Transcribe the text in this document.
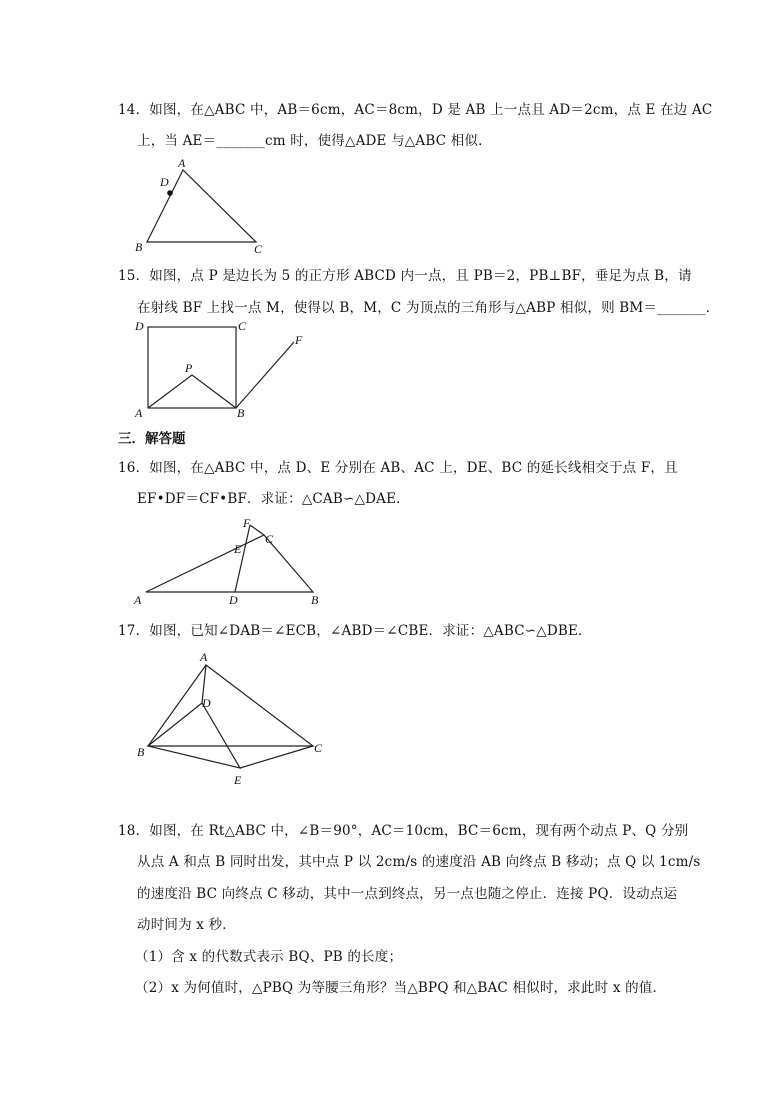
14．如图，在△ABC 中，AB＝6cm，AC＝8cm，D 是 AB 上一点且 AD＝2cm，点 E 在边 AC
上，当 AE＝_______cm 时，使得△ADE 与△ABC 相似．
A
D
B	C
15．如图，点 P 是边长为 5 的正方形 ABCD 内一点，且 PB＝2，PB⊥BF，垂足为点 B，请
在射线 BF 上找一点 M，使得以 B，M，C 为顶点的三角形与△ABP 相似，则 BM＝_______．
D	C
P
F
A	B
三．解答题
16．如图，在△ABC 中，点 D、E 分别在 AB、AC 上，DE、BC 的延长线相交于点 F，且
EF•DF＝CF•BF．求证：△CAB∽△DAE．
F
C
E
A	D	B
17．如图，已知∠DAB＝∠ECB，∠ABD＝∠CBE．求证：△ABC∽△DBE．
A
D
B	C
E
18．如图，在 Rt△ABC 中，∠B＝90°，AC＝10cm，BC＝6cm，现有两个动点 P、Q 分别
从点 A 和点 B 同时出发，其中点 P 以 2cm/s 的速度沿 AB 向终点 B 移动；点 Q 以 1cm/s
的速度沿 BC 向终点 C 移动，其中一点到终点，另一点也随之停止．连接 PQ．设动点运
动时间为 x 秒．
（1）含 x 的代数式表示 BQ、PB 的长度；
（2）x 为何值时，△PBQ 为等腰三角形？当△BPQ 和△BAC 相似时，求此时 x 的值．
